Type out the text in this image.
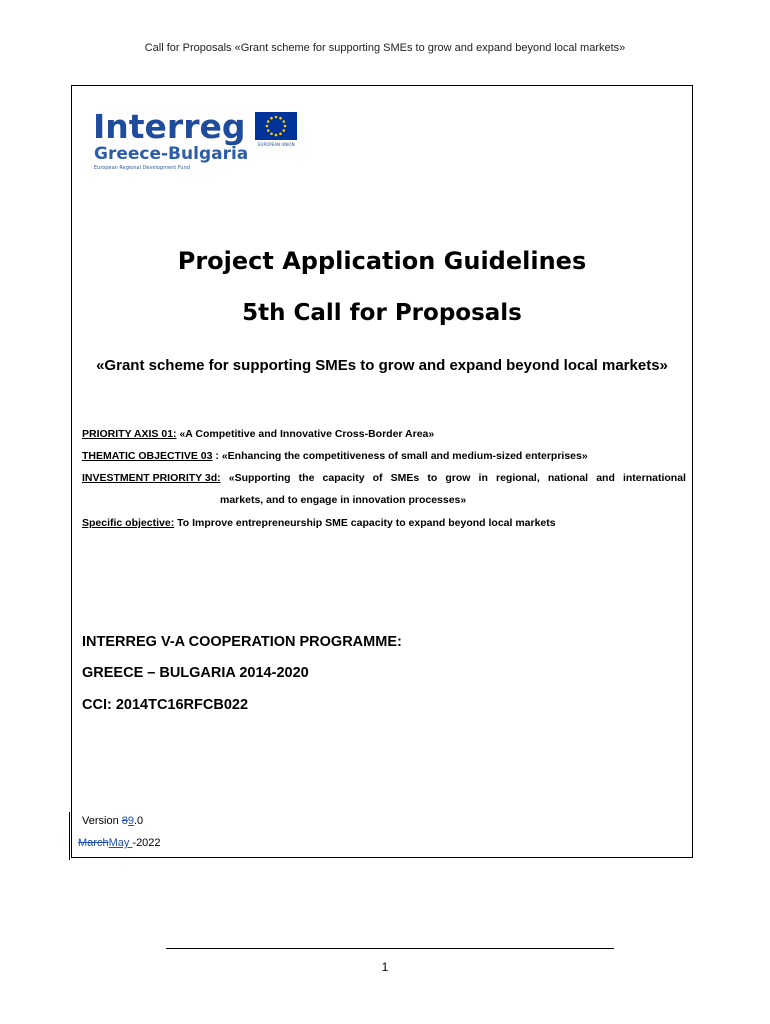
Call for Proposals «Grant scheme for supporting SMEs to grow and expand beyond local markets»
Interreg	EUROPEAN UNION
Greece-Bulgaria
European Regional Development Fund
Project Application Guidelines
5th Call for Proposals
«Grant scheme for supporting SMEs to grow and expand beyond local markets»
PRIORITY AXIS 01: «A Competitive and Innovative Cross-Border Area»
THEMATIC OBJECTIVE 03 : «Enhancing the competitiveness of small and medium-sized enterprises»
INVESTMENT PRIORITY 3d: «Supporting the capacity of SMEs to grow in regional, national and international
markets, and to engage in innovation processes»
Specific objective: To Improve entrepreneurship SME capacity to expand beyond local markets
INTERREG V-A COOPERATION PROGRAMME:
GREECE – BULGARIA 2014-2020
CCI: 2014TC16RFCB022
Version 89.0
MarchMay -2022
1
